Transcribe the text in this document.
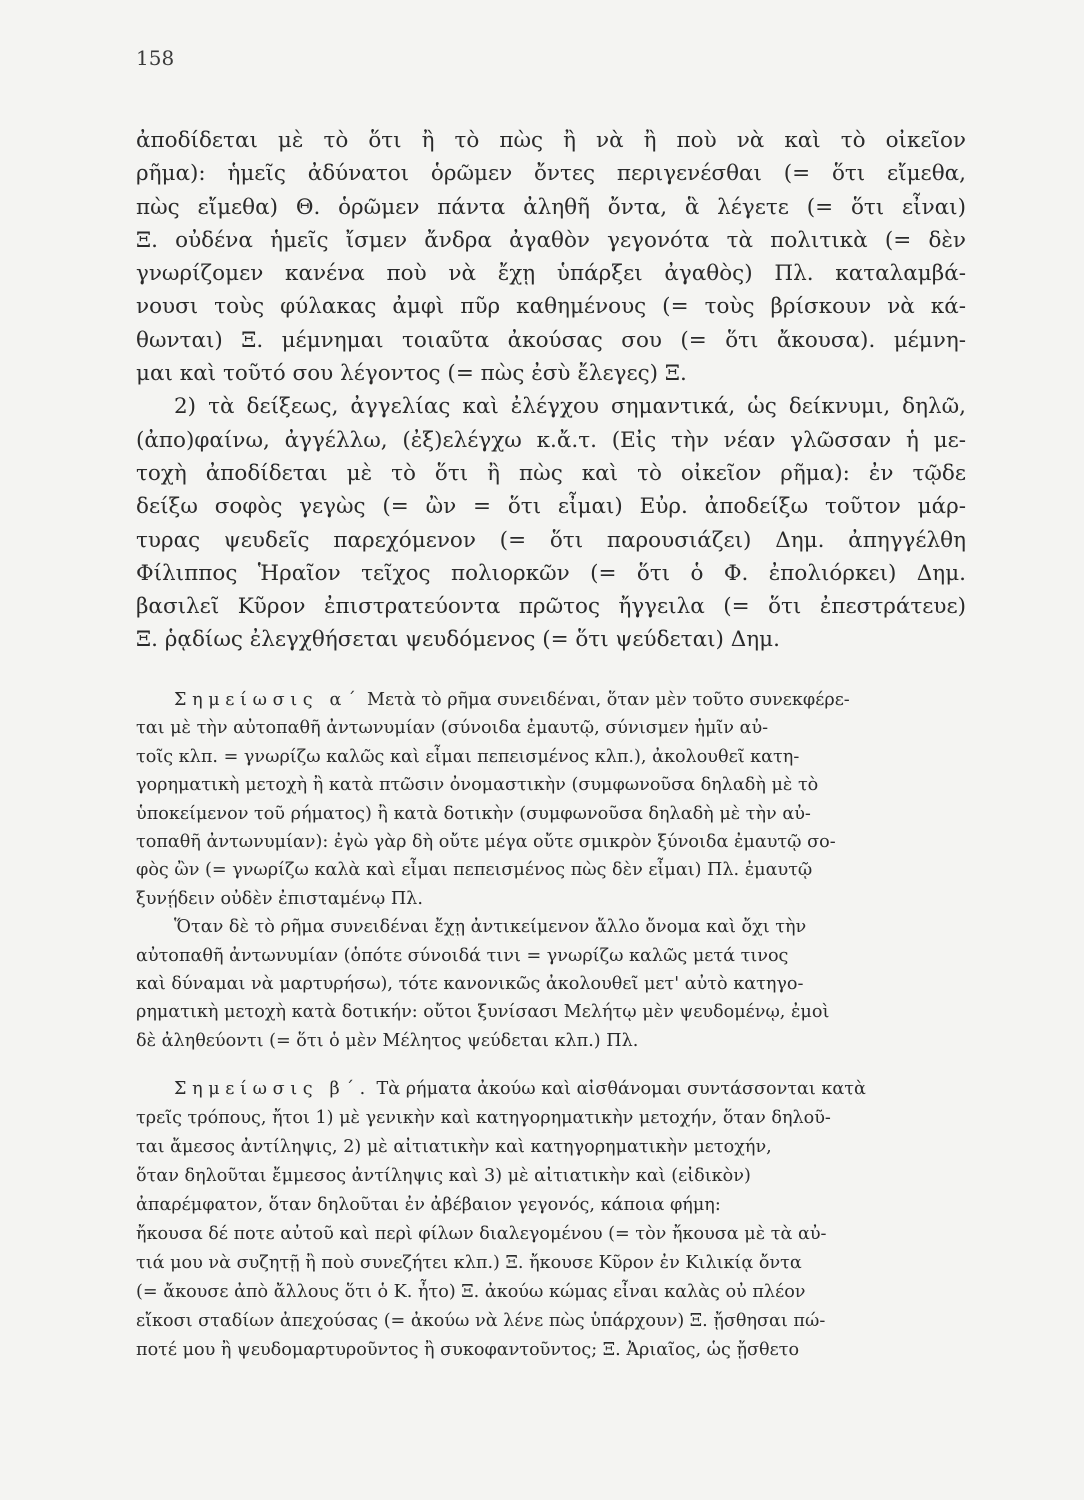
158
ἀποδίδεται μὲ τὸ ὅτι ἢ τὸ πὼς ἢ νὰ ἢ ποὺ νὰ καὶ τὸ οἰκεῖον
ρῆμα): ἡμεῖς ἀδύνατοι ὁρῶμεν ὄντες περιγενέσθαι (= ὅτι εἴμεθα,
πὼς εἴμεθα) Θ. ὁρῶμεν πάντα ἀληθῆ ὄντα, ἃ λέγετε (= ὅτι εἶναι)
Ξ. οὐδένα ἡμεῖς ἴσμεν ἄνδρα ἀγαθὸν γεγονότα τὰ πολιτικὰ (= δὲν
γνωρίζομεν κανένα ποὺ νὰ ἔχῃ ὑπάρξει ἀγαθὸς) Πλ. καταλαμβά-
νουσι τοὺς φύλακας ἀμφὶ πῦρ καθημένους (= τοὺς βρίσκουν νὰ κά-
θωνται) Ξ. μέμνημαι τοιαῦτα ἀκούσας σου (= ὅτι ἄκουσα). μέμνη-
μαι καὶ τοῦτό σου λέγοντος (= πὼς ἐσὺ ἔλεγες) Ξ.
2) τὰ δείξεως, ἀγγελίας καὶ ἐλέγχου σημαντικά, ὡς δείκνυμι, δηλῶ,
(ἀπο)φαίνω, ἀγγέλλω, (ἐξ)ελέγχω κ.ἄ.τ. (Εἰς τὴν νέαν γλῶσσαν ἡ με-
τοχὴ ἀποδίδεται μὲ τὸ ὅτι ἢ πὼς καὶ τὸ οἰκεῖον ρῆμα): ἐν τῷδε
δείξω σοφὸς γεγὼς (= ὢν = ὅτι εἶμαι) Εὐρ. ἀποδείξω τοῦτον μάρ-
τυρας ψευδεῖς παρεχόμενον (= ὅτι παρουσιάζει) Δημ. ἀπηγγέλθη
Φίλιππος Ἡραῖον τεῖχος πολιορκῶν (= ὅτι ὁ Φ. ἐπολιόρκει) Δημ.
βασιλεῖ Κῦρον ἐπιστρατεύοντα πρῶτος ἤγγειλα (= ὅτι ἐπεστράτευε)
Ξ. ῥᾳδίως ἐλεγχθήσεται ψευδόμενος (= ὅτι ψεύδεται) Δημ.
Σημείωσις α΄ Μετὰ τὸ ρῆμα συνειδέναι, ὅταν μὲν τοῦτο συνεκφέρε-
ται μὲ τὴν αὐτοπαθῆ ἀντωνυμίαν (σύνοιδα ἐμαυτῷ, σύνισμεν ἡμῖν αὐ-
τοῖς κλπ. = γνωρίζω καλῶς καὶ εἶμαι πεπεισμένος κλπ.), ἀκολουθεῖ κατη-
γορηματικὴ μετοχὴ ἢ κατὰ πτῶσιν ὀνομαστικὴν (συμφωνοῦσα δηλαδὴ μὲ τὸ
ὑποκείμενον τοῦ ρήματος) ἢ κατὰ δοτικὴν (συμφωνοῦσα δηλαδὴ μὲ τὴν αὐ-
τοπαθῆ ἀντωνυμίαν): ἐγὼ γὰρ δὴ οὔτε μέγα οὔτε σμικρὸν ξύνοιδα ἐμαυτῷ σο-
φὸς ὢν (= γνωρίζω καλὰ καὶ εἶμαι πεπεισμένος πὼς δὲν εἶμαι) Πλ. ἐμαυτῷ
ξυνῄδειν οὐδὲν ἐπισταμένῳ Πλ.
Ὅταν δὲ τὸ ρῆμα συνειδέναι ἔχῃ ἀντικείμενον ἄλλο ὄνομα καὶ ὄχι τὴν
αὐτοπαθῆ ἀντωνυμίαν (ὁπότε σύνοιδά τινι = γνωρίζω καλῶς μετά τινος
καὶ δύναμαι νὰ μαρτυρήσω), τότε κανονικῶς ἀκολουθεῖ μετ' αὐτὸ κατηγο-
ρηματικὴ μετοχὴ κατὰ δοτικήν: οὔτοι ξυνίσασι Μελήτῳ μὲν ψευδομένῳ, ἐμοὶ
δὲ ἀληθεύοντι (= ὅτι ὁ μὲν Μέλητος ψεύδεται κλπ.) Πλ.
Σημείωσις β΄. Τὰ ρήματα ἀκούω καὶ αἰσθάνομαι συντάσσονται κατὰ
τρεῖς τρόπους, ἤτοι 1) μὲ γενικὴν καὶ κατηγορηματικὴν μετοχήν, ὅταν δηλοῦ-
ται ἄμεσος ἀντίληψις, 2) μὲ αἰτιατικὴν καὶ κατηγορηματικὴν μετοχήν,
ὅταν δηλοῦται ἔμμεσος ἀντίληψις καὶ 3) μὲ αἰτιατικὴν καὶ (εἰδικὸν)
ἀπαρέμφατον, ὅταν δηλοῦται ἐν ἀβέβαιον γεγονός, κάποια φήμη:
ἤκουσα δέ ποτε αὐτοῦ καὶ περὶ φίλων διαλεγομένου (= τὸν ἤκουσα μὲ τὰ αὐ-
τιά μου νὰ συζητῇ ἢ ποὺ συνεζήτει κλπ.) Ξ. ἤκουσε Κῦρον ἐν Κιλικίᾳ ὄντα
(= ἄκουσε ἀπὸ ἄλλους ὅτι ὁ Κ. ἦτο) Ξ. ἀκούω κώμας εἶναι καλὰς οὐ πλέον
εἴκοσι σταδίων ἀπεχούσας (= ἀκούω νὰ λένε πὼς ὑπάρχουν) Ξ. ᾔσθησαι πώ-
ποτέ μου ἢ ψευδομαρτυροῦντος ἢ συκοφαντοῦντος; Ξ. Ἀριαῖος, ὡς ᾔσθετο
